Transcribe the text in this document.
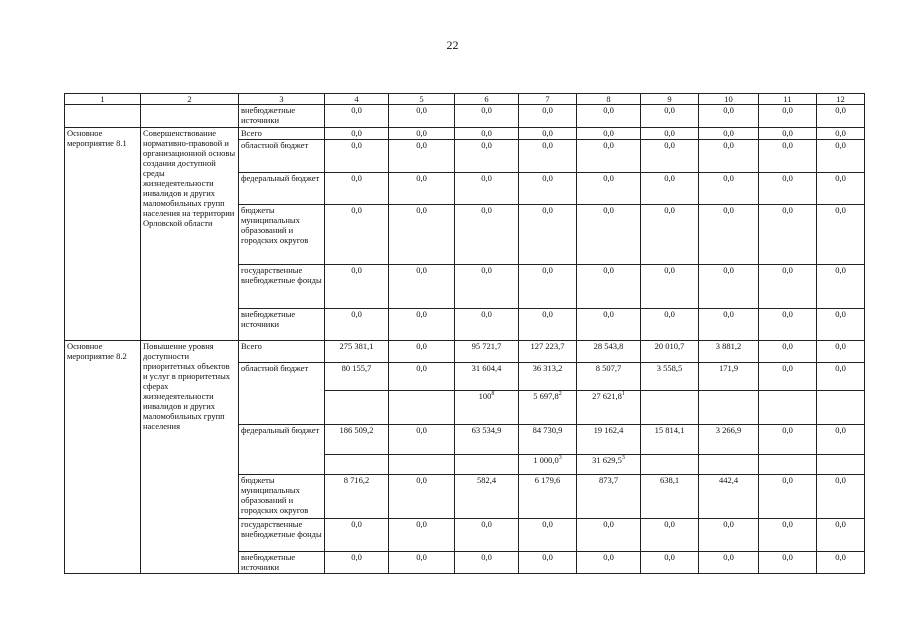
22
1	2	3	4	5	6	7	8	9	10	11	12
		внебюджетные источники	0,0	0,0	0,0	0,0	0,0	0,0	0,0	0,0	0,0
Основное мероприятие 8.1	Совершенствование нормативно-правовой и организационной основы создания доступной среды жизнедеятельности инвалидов и других маломобильных групп населения на территории Орловской области	Всего	0,0	0,0	0,0	0,0	0,0	0,0	0,0	0,0	0,0
		областной бюджет	0,0	0,0	0,0	0,0	0,0	0,0	0,0	0,0	0,0
		федеральный бюджет	0,0	0,0	0,0	0,0	0,0	0,0	0,0	0,0	0,0
		бюджеты муниципальных образований и городских округов	0,0	0,0	0,0	0,0	0,0	0,0	0,0	0,0	0,0
		государственные внебюджетные фонды	0,0	0,0	0,0	0,0	0,0	0,0	0,0	0,0	0,0
		внебюджетные источники	0,0	0,0	0,0	0,0	0,0	0,0	0,0	0,0	0,0
Основное мероприятие 8.2	Повышение уровня доступности приоритетных объектов и услуг в приоритетных сферах жизнедеятельности инвалидов и других маломобильных групп населения	Всего	275 381,1	0,0	95 721,7	127 223,7	28 543,8	20 010,7	3 881,2	0,0	0,0
		областной бюджет	80 155,7	0,0	31 604,4	36 313,2	8 507,7	3 558,5	171,9	0,0	0,0
					$100^8$	5 697,8$^2$	27 621,8$^1$				
		федеральный бюджет	186 509,2	0,0	63 534,9	84 730,9	19 162,4	15 814,1	3 266,9	0,0	0,0
						1 000,0$^3$	31 629,5$^3$				
		бюджеты муниципальных образований и городских округов	8 716,2	0,0	582,4	6 179,6	873,7	638,1	442,4	0,0	0,0
		государственные внебюджетные фонды	0,0	0,0	0,0	0,0	0,0	0,0	0,0	0,0	0,0
		внебюджетные источники	0,0	0,0	0,0	0,0	0,0	0,0	0,0	0,0	0,0
